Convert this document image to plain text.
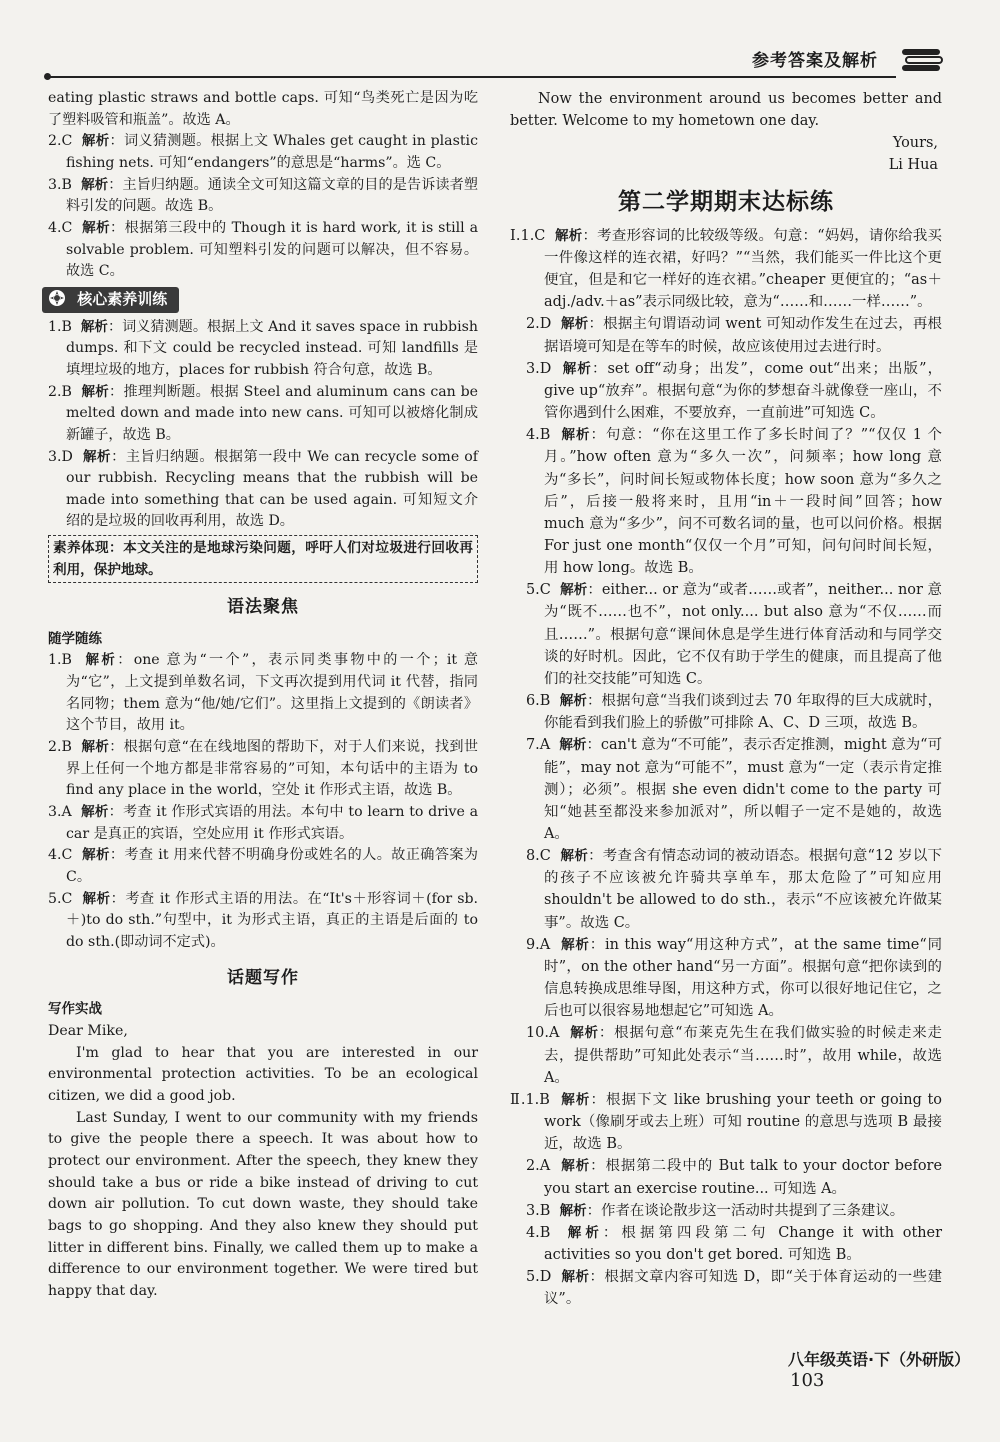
参考答案及解析
eating plastic straws and bottle caps. 可知“鸟类死亡是因为吃了塑料吸管和瓶盖”。故选 A。
2.C 解析：词义猜测题。根据上文 Whales get caught in plastic fishing nets. 可知“endangers”的意思是“harms”。选 C。
3.B 解析：主旨归纳题。通读全文可知这篇文章的目的是告诉读者塑料引发的问题。故选 B。
4.C 解析：根据第三段中的 Though it is hard work, it is still a solvable problem. 可知塑料引发的问题可以解决，但不容易。故选 C。
核心素养训练
1.B 解析：词义猜测题。根据上文 And it saves space in rubbish dumps. 和下文 could be recycled instead. 可知 landfills 是填埋垃圾的地方，places for rubbish 符合句意，故选 B。
2.B 解析：推理判断题。根据 Steel and aluminum cans can be melted down and made into new cans. 可知可以被熔化制成新罐子，故选 B。
3.D 解析：主旨归纳题。根据第一段中 We can recycle some of our rubbish. Recycling means that the rubbish will be made into something that can be used again. 可知短文介绍的是垃圾的回收再利用，故选 D。
素养体现：本文关注的是地球污染问题，呼吁人们对垃圾进行回收再利用，保护地球。
语法聚焦
随学随练
1.B 解析：one 意为“一个”，表示同类事物中的一个；it 意为“它”，上文提到单数名词，下文再次提到用代词 it 代替，指同名同物；them 意为“他/她/它们”。这里指上文提到的《朗读者》这个节目，故用 it。
2.B 解析：根据句意“在在线地图的帮助下，对于人们来说，找到世界上任何一个地方都是非常容易的”可知，本句话中的主语为 to find any place in the world，空处 it 作形式主语，故选 B。
3.A 解析：考查 it 作形式宾语的用法。本句中 to learn to drive a car 是真正的宾语，空处应用 it 作形式宾语。
4.C 解析：考查 it 用来代替不明确身份或姓名的人。故正确答案为 C。
5.C 解析：考查 it 作形式主语的用法。在“It's＋形容词＋(for sb.＋)to do sth.”句型中，it 为形式主语，真正的主语是后面的 to do sth.(即动词不定式)。
话题写作
写作实战

Dear Mike,

I'm glad to hear that you are interested in our environmental protection activities. To be an ecological citizen, we did a good job.

Last Sunday, I went to our community with my friends to give the people there a speech. It was about how to protect our environment. After the speech, they knew they should take a bus or ride a bike instead of driving to cut down air pollution. To cut down waste, they should take bags to go shopping. And they also knew they should put litter in different bins. Finally, we called them up to make a difference to our environment together. We were tired but happy that day.

Now the environment around us becomes better and better. Welcome to my hometown one day.

Yours,

Li Hua

第二学期期末达标练
Ⅰ.1.C 解析：考查形容词的比较级等级。句意：“妈妈，请你给我买一件像这样的连衣裙，好吗？”“当然，我们能买一件比这个更便宜，但是和它一样好的连衣裙。”cheaper 更便宜的；“as＋adj./adv.＋as”表示同级比较，意为“……和……一样……”。
2.D 解析：根据主句谓语动词 went 可知动作发生在过去，再根据语境可知是在等车的时候，故应该使用过去进行时。
3.D 解析：set off“动身；出发”，come out“出来；出版”，give up“放弃”。根据句意“为你的梦想奋斗就像登一座山，不管你遇到什么困难，不要放弃，一直前进”可知选 C。
4.B 解析：句意：“你在这里工作了多长时间了？”“仅仅 1 个月。”how often 意为“多久一次”，问频率；how long 意为“多长”，问时间长短或物体长度；how soon 意为“多久之后”，后接一般将来时，且用“in＋一段时间”回答；how much 意为“多少”，问不可数名词的量，也可以问价格。根据 For just one month“仅仅一个月”可知，问句问时间长短，用 how long。故选 B。
5.C 解析：either... or 意为“或者……或者”，neither... nor 意为“既不……也不”，not only.... but also 意为“不仅……而且……”。根据句意“课间休息是学生进行体育活动和与同学交谈的好时机。因此，它不仅有助于学生的健康，而且提高了他们的社交技能”可知选 C。
6.B 解析：根据句意“当我们谈到过去 70 年取得的巨大成就时，你能看到我们脸上的骄傲”可排除 A、C、D 三项，故选 B。
7.A 解析：can't 意为“不可能”，表示否定推测，might 意为“可能”，may not 意为“可能不”，must 意为“一定（表示肯定推测）；必须”。根据 she even didn't come to the party 可知“她甚至都没来参加派对”，所以帽子一定不是她的，故选 A。
8.C 解析：考查含有情态动词的被动语态。根据句意“12 岁以下的孩子不应该被允许骑共享单车，那太危险了”可知应用 shouldn't be allowed to do sth.，表示“不应该被允许做某事”。故选 C。
9.A 解析：in this way“用这种方式”，at the same time“同时”，on the other hand“另一方面”。根据句意“把你读到的信息转换成思维导图，用这种方式，你可以很好地记住它，之后也可以很容易地想起它”可知选 A。
10.A 解析：根据句意“布莱克先生在我们做实验的时候走来走去，提供帮助”可知此处表示“当……时”，故用 while，故选 A。
Ⅱ.1.B 解析：根据下文 like brushing your teeth or going to work（像刷牙或去上班）可知 routine 的意思与选项 B 最接近，故选 B。
2.A 解析：根据第二段中的 But talk to your doctor before you start an exercise routine... 可知选 A。
3.B 解析：作者在谈论散步这一活动时共提到了三条建议。
4.B 解析：根据第四段第二句 Change it with other activities so you don't get bored. 可知选 B。
5.D 解析：根据文章内容可知选 D，即“关于体育运动的一些建议”。
八年级英语·下（外研版）103
